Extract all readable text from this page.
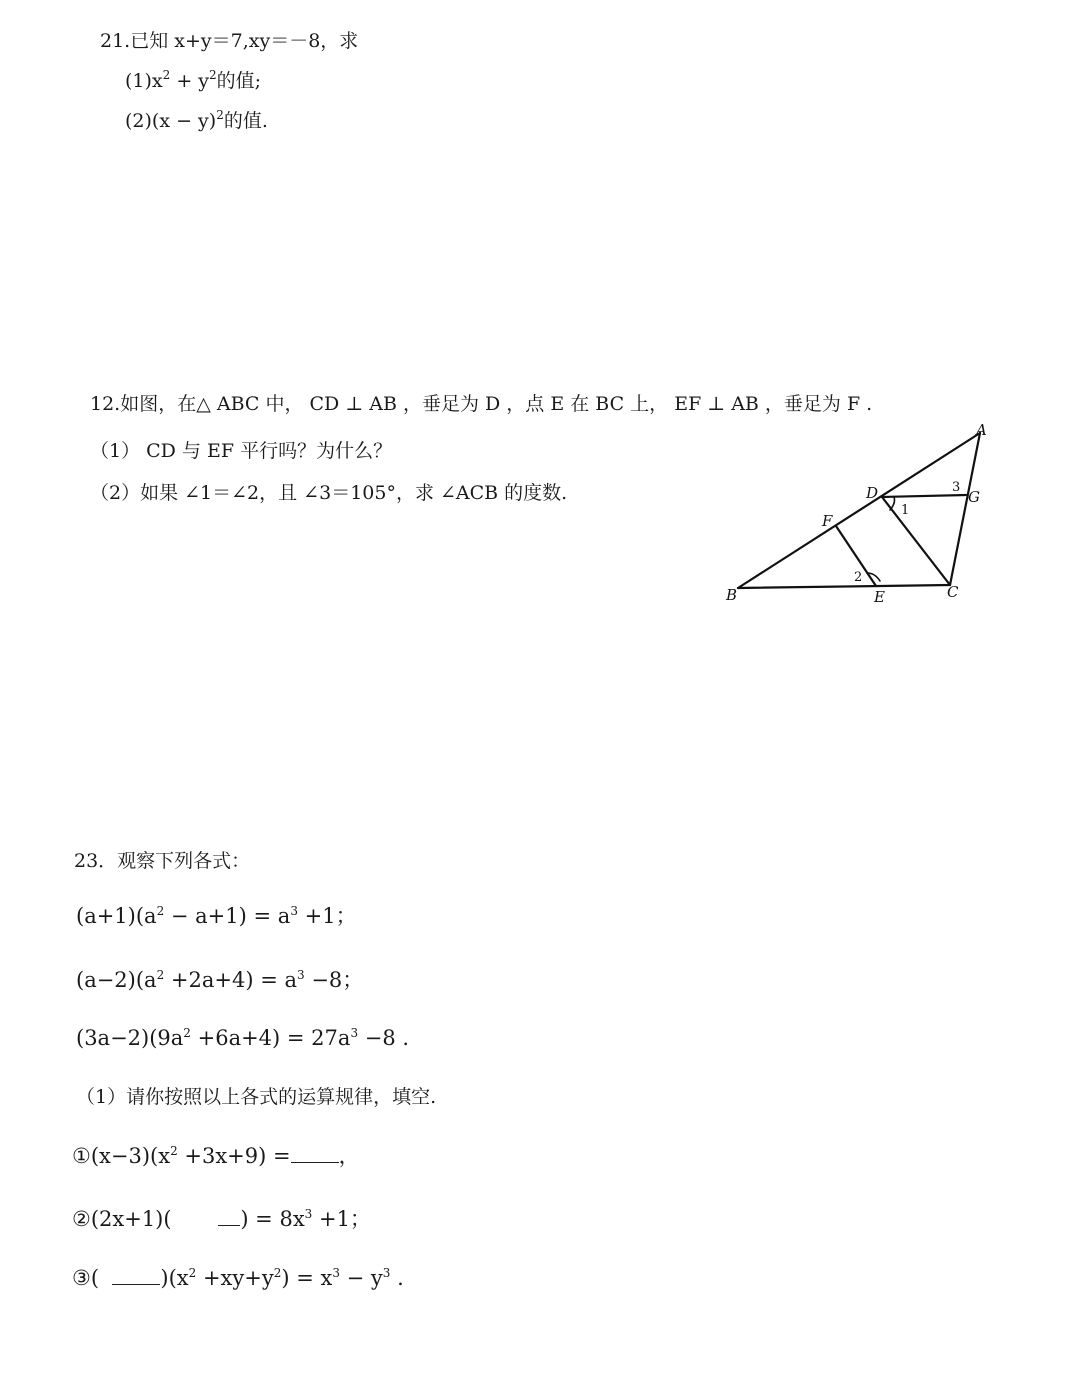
21.已知 x+y＝7,xy＝－8，求
$(1)x^2 + y^2$的值;
$(2)(x - y)^2$的值.
12.如图，在△ ABC 中， CD ⊥ AB ，垂足为 D ，点 E 在 BC 上， EF ⊥ AB ，垂足为 F .
（1） CD 与 EF 平行吗？为什么？
（2）如果 ∠1＝∠2，且 ∠3＝105°，求 ∠ACB 的度数.
A
B	C
D
E
F
G
1
2
3
23．观察下列各式：
$(a+1)(a^2 - a+1) = a^3 +1$；
$(a-2)(a^2 +2a+4) = a^3 -8$；
$(3a-2)(9a^2 +6a+4) = 27a^3 -8$ .
（1）请你按照以上各式的运算规律，填空.
$①(x-3)(x^2 +3x+9)$ = ，
②(2x+1)(	) = $8x^3 +1$；
③(	)$(x^2 +xy+y^2) = x^3 - y^3$ .
